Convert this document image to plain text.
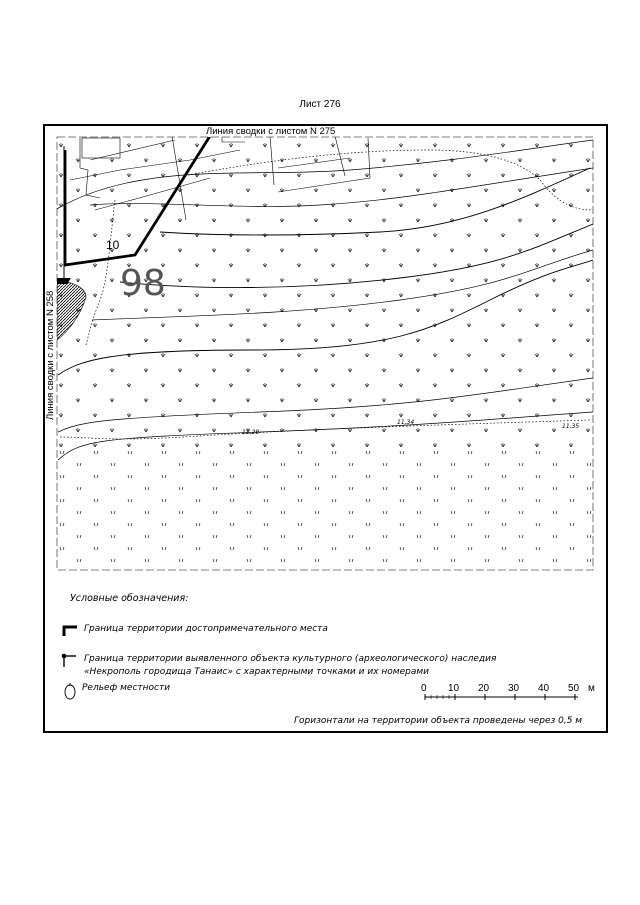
Лист 276
Линия сводки с листом N 275
Линия сводки с листом N 258
98
10
11,28
11,34
11,35
0 10 20 30 40 50 м
Условные обозначения:
Граница территории достопримечательного места
Граница территории выявленного объекта культурного (археологического) наследия
«Некрополь городища Танаис» с характерными точками и их номерами
Рельеф местности
Горизонтали на территории объекта проведены через 0,5 м
